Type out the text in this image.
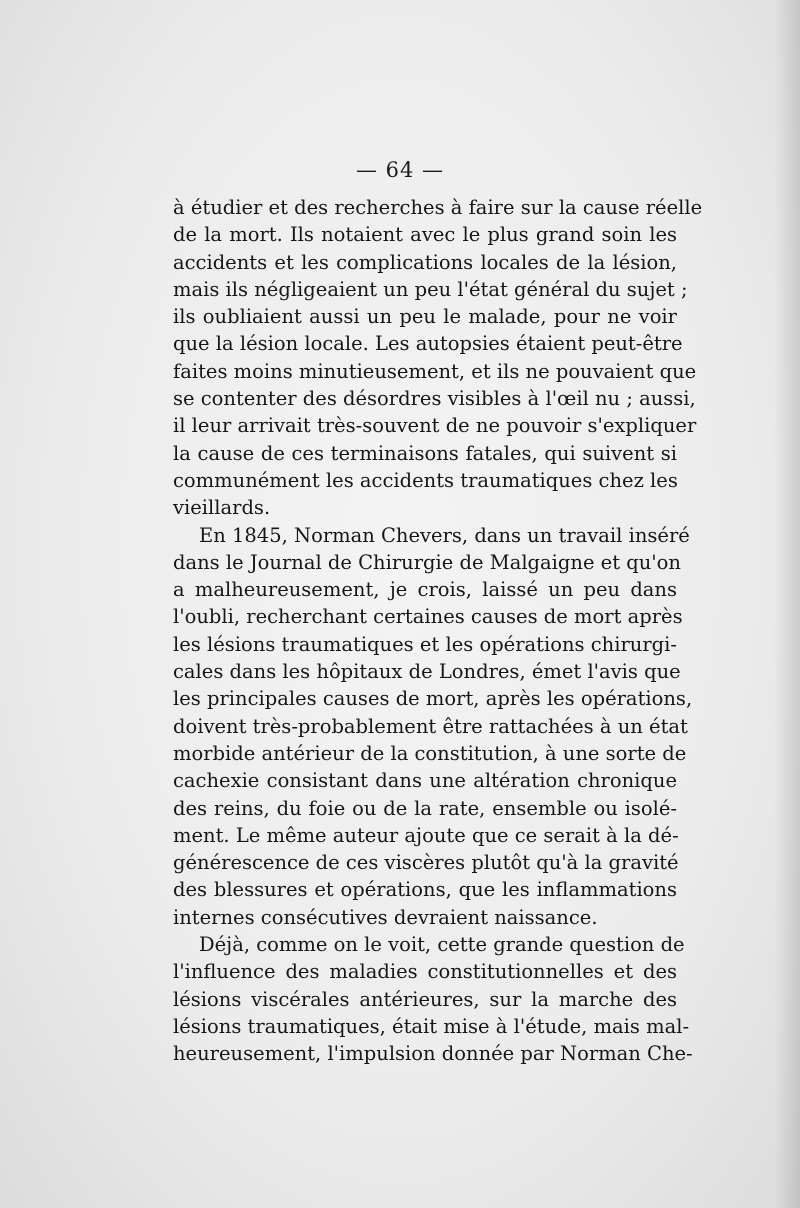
— 64 —
à étudier et des recherches à faire sur la cause réelle
de la mort. Ils notaient avec le plus grand soin les
accidents et les complications locales de la lésion,
mais ils négligeaient un peu l'état général du sujet ;
ils oubliaient aussi un peu le malade, pour ne voir
que la lésion locale. Les autopsies étaient peut-être
faites moins minutieusement, et ils ne pouvaient que
se contenter des désordres visibles à l'œil nu ; aussi,
il leur arrivait très-souvent de ne pouvoir s'expliquer
la cause de ces terminaisons fatales, qui suivent si
communément les accidents traumatiques chez les
vieillards.
En 1845, Norman Chevers, dans un travail inséré
dans le Journal de Chirurgie de Malgaigne et qu'on
a malheureusement, je crois, laissé un peu dans
l'oubli, recherchant certaines causes de mort après
les lésions traumatiques et les opérations chirurgi-
cales dans les hôpitaux de Londres, émet l'avis que
les principales causes de mort, après les opérations,
doivent très-probablement être rattachées à un état
morbide antérieur de la constitution, à une sorte de
cachexie consistant dans une altération chronique
des reins, du foie ou de la rate, ensemble ou isolé-
ment. Le même auteur ajoute que ce serait à la dé-
générescence de ces viscères plutôt qu'à la gravité
des blessures et opérations, que les inflammations
internes consécutives devraient naissance.
Déjà, comme on le voit, cette grande question de
l'influence des maladies constitutionnelles et des
lésions viscérales antérieures, sur la marche des
lésions traumatiques, était mise à l'étude, mais mal-
heureusement, l'impulsion donnée par Norman Che-
